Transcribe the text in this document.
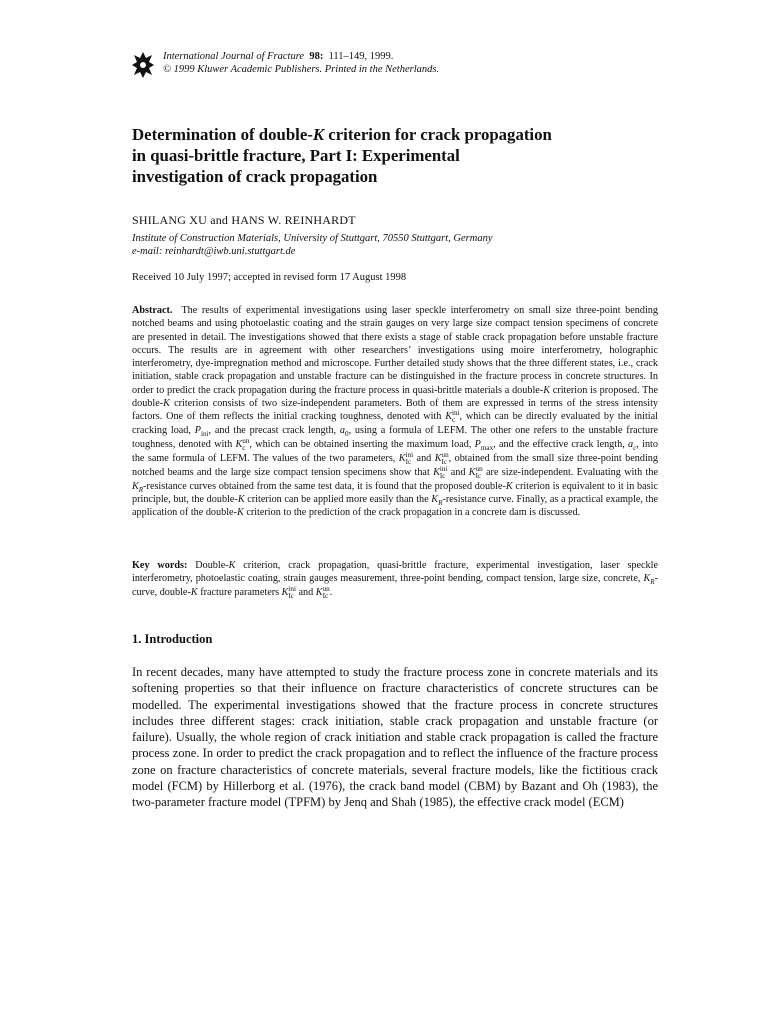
International Journal of Fracture 98: 111–149, 1999.
© 1999 Kluwer Academic Publishers. Printed in the Netherlands.
Determination of double-K criterion for crack propagation
in quasi-brittle fracture, Part I: Experimental
investigation of crack propagation
SHILANG XU and HANS W. REINHARDT
Institute of Construction Materials, University of Stuttgart, 70550 Stuttgart, Germany
e-mail: reinhardt@iwb.uni.stuttgart.de
Received 10 July 1997; accepted in revised form 17 August 1998

Abstract. The results of experimental investigations using laser speckle interferometry on small size three-point bending notched beams and using photoelastic coating and the strain gauges on very large size compact tension specimens of concrete are presented in detail. The investigations showed that there exists a stage of stable crack propagation before unstable fracture occurs. The results are in agreement with other researchers’ investigations using moire interferometry, holographic interferometry, dye-impregnation method and microscope. Further detailed study shows that the three different states, i.e., crack initiation, stable crack propagation and unstable fracture can be distinguished in the fracture process in concrete structures. In order to predict the crack propagation during the fracture process in quasi-brittle materials a double-K criterion is proposed. The double-K criterion consists of two size-independent parameters. Both of them are expressed in terms of the stress intensity factors. One of them reflects the initial cracking toughness, denoted with K ini
c , which can be directly evaluated by the initial cracking load, $P_{ini}$, and the precast crack length, $a_0$, using a formula of LEFM. The other one refers to the unstable fracture toughness, denoted with K un
c , which can be obtained inserting the maximum load, $P_{max}$, and the effective crack length, $a_c$, into the same formula of LEFM. The values of the two parameters, K ini
Ic and K un
Ic , obtained from the small size three-point bending notched beams and the large size compact tension specimens show that K ini
Ic and K un
Ic are size-independent. Evaluating with the $K_R$-resistance curves obtained from the same test data, it is found that the proposed double-K criterion is equivalent to it in basic principle, but, the double-K criterion can be applied more easily than the $K_R$-resistance curve. Finally, as a practical example, the application of the double-K criterion to the prediction of the crack propagation in a concrete dam is discussed.

Key words: Double-K criterion, crack propagation, quasi-brittle fracture, experimental investigation, laser speckle interferometry, photoelastic coating, strain gauges measurement, three-point bending, compact tension, large size, concrete, $K_R$-curve, double-K fracture parameters K ini
Ic and K un
Ic .

1. Introduction

In recent decades, many have attempted to study the fracture process zone in concrete materials and its softening properties so that their influence on fracture characteristics of concrete structures can be modelled. The experimental investigations showed that the fracture process in concrete structures includes three different stages: crack initiation, stable crack propagation and unstable fracture (or failure). Usually, the whole region of crack initiation and stable crack propagation is called the fracture process zone. In order to predict the crack propagation and to reflect the influence of the fracture process zone on fracture characteristics of concrete materials, several fracture models, like the fictitious crack model (FCM) by Hillerborg et al. (1976), the crack band model (CBM) by Bazant and Oh (1983), the two-parameter fracture model (TPFM) by Jenq and Shah (1985), the effective crack model (ECM)
